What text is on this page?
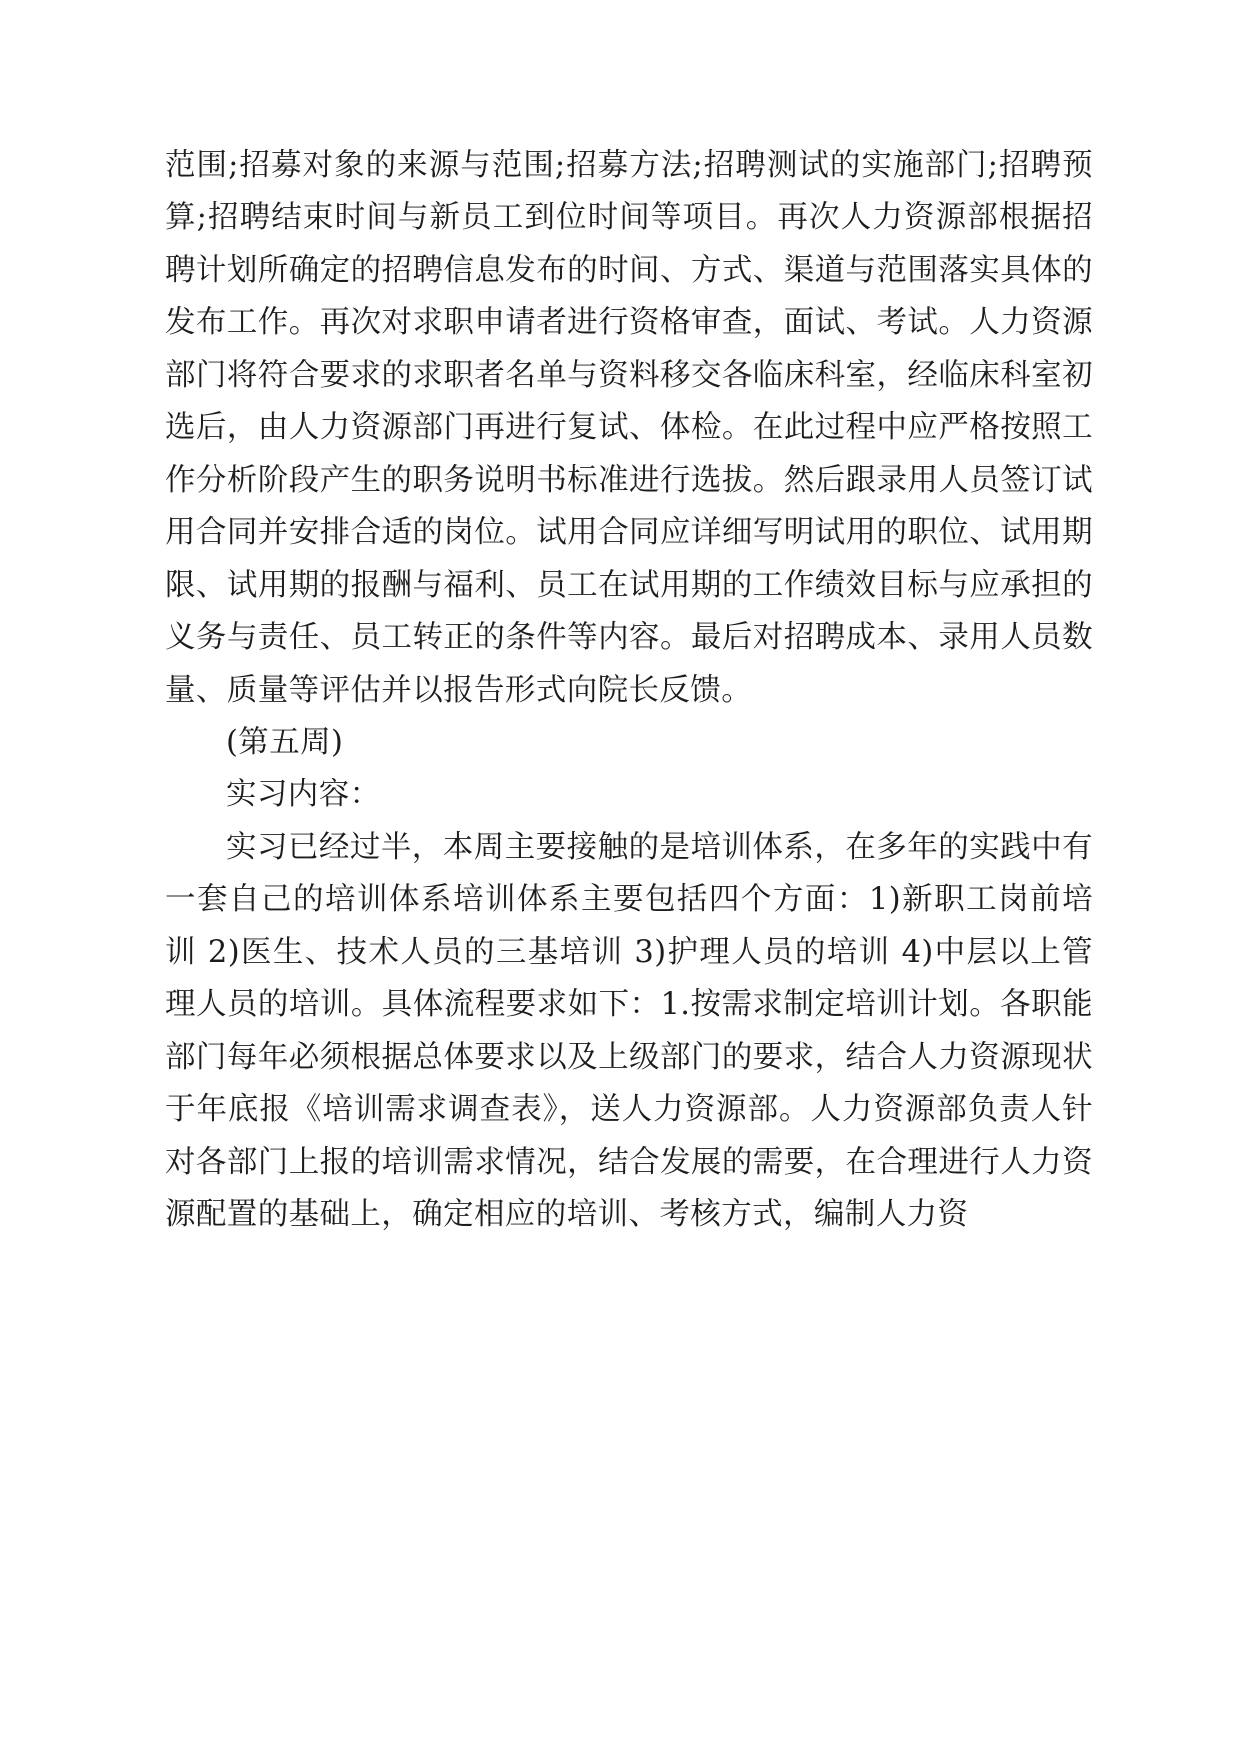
范围;招募对象的来源与范围;招募方法;招聘测试的实施部门;招聘预算;招聘结束时间与新员工到位时间等项目。再次人力资源部根据招聘计划所确定的招聘信息发布的时间、方式、渠道与范围落实具体的发布工作。再次对求职申请者进行资格审查，面试、考试。人力资源部门将符合要求的求职者名单与资料移交各临床科室，经临床科室初选后，由人力资源部门再进行复试、体检。在此过程中应严格按照工作分析阶段产生的职务说明书标准进行选拔。然后跟录用人员签订试用合同并安排合适的岗位。试用合同应详细写明试用的职位、试用期限、试用期的报酬与福利、员工在试用期的工作绩效目标与应承担的义务与责任、员工转正的条件等内容。最后对招聘成本、录用人员数量、质量等评估并以报告形式向院长反馈。

(第五周)

实习内容：

实习已经过半，本周主要接触的是培训体系，在多年的实践中有一套自己的培训体系培训体系主要包括四个方面：1)新职工岗前培训 2)医生、技术人员的三基培训 3)护理人员的培训 4)中层以上管理人员的培训。具体流程要求如下：1.按需求制定培训计划。各职能部门每年必须根据总体要求以及上级部门的要求，结合人力资源现状于年底报《培训需求调查表》，送人力资源部。人力资源部负责人针对各部门上报的培训需求情况，结合发展的需要，在合理进行人力资源配置的基础上，确定相应的培训、考核方式，编制人力资
